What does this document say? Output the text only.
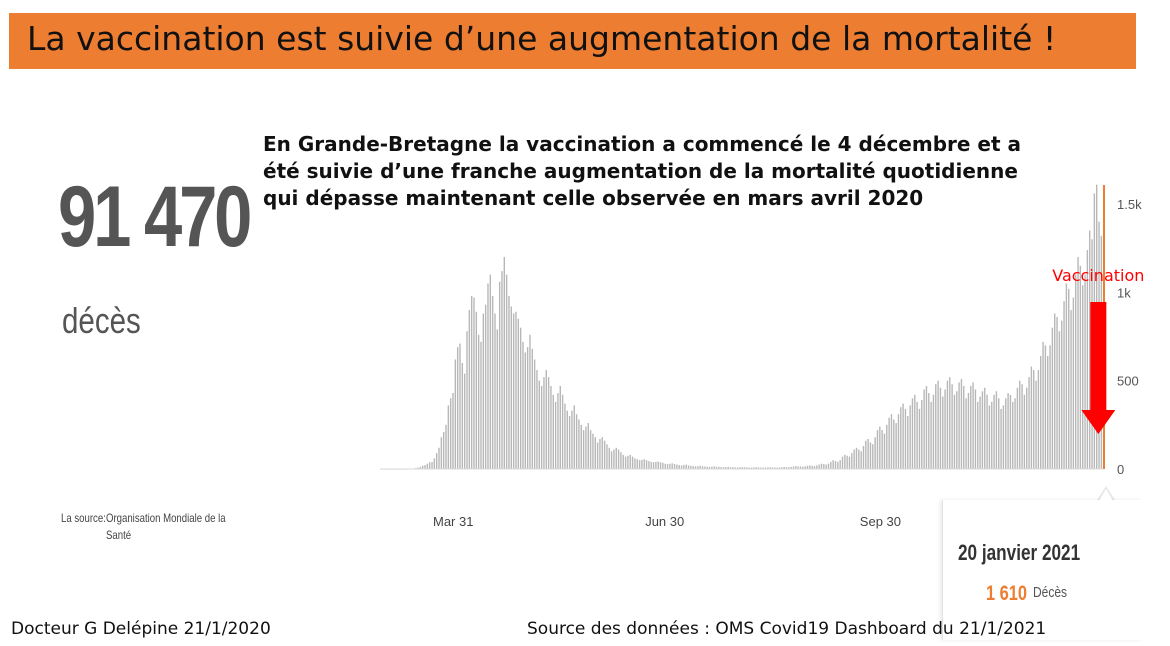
La vaccination est suivie d’une augmentation de la mortalité !
91 470
décès
En Grande-Bretagne la vaccination a commencé le 4 décembre et a été suivie d’une franche augmentation de la mortalité quotidienne qui dépasse maintenant celle observée en mars avril 2020
La source: Organisation Mondiale de la Santé
0
500
1k
1.5k
Mar 31	Jun 30	Sep 30
Vaccination
20 janvier 2021
1 610 Décès
Docteur G Delépine 21/1/2020	Source des données : OMS Covid19 Dashboard du 21/1/2021
